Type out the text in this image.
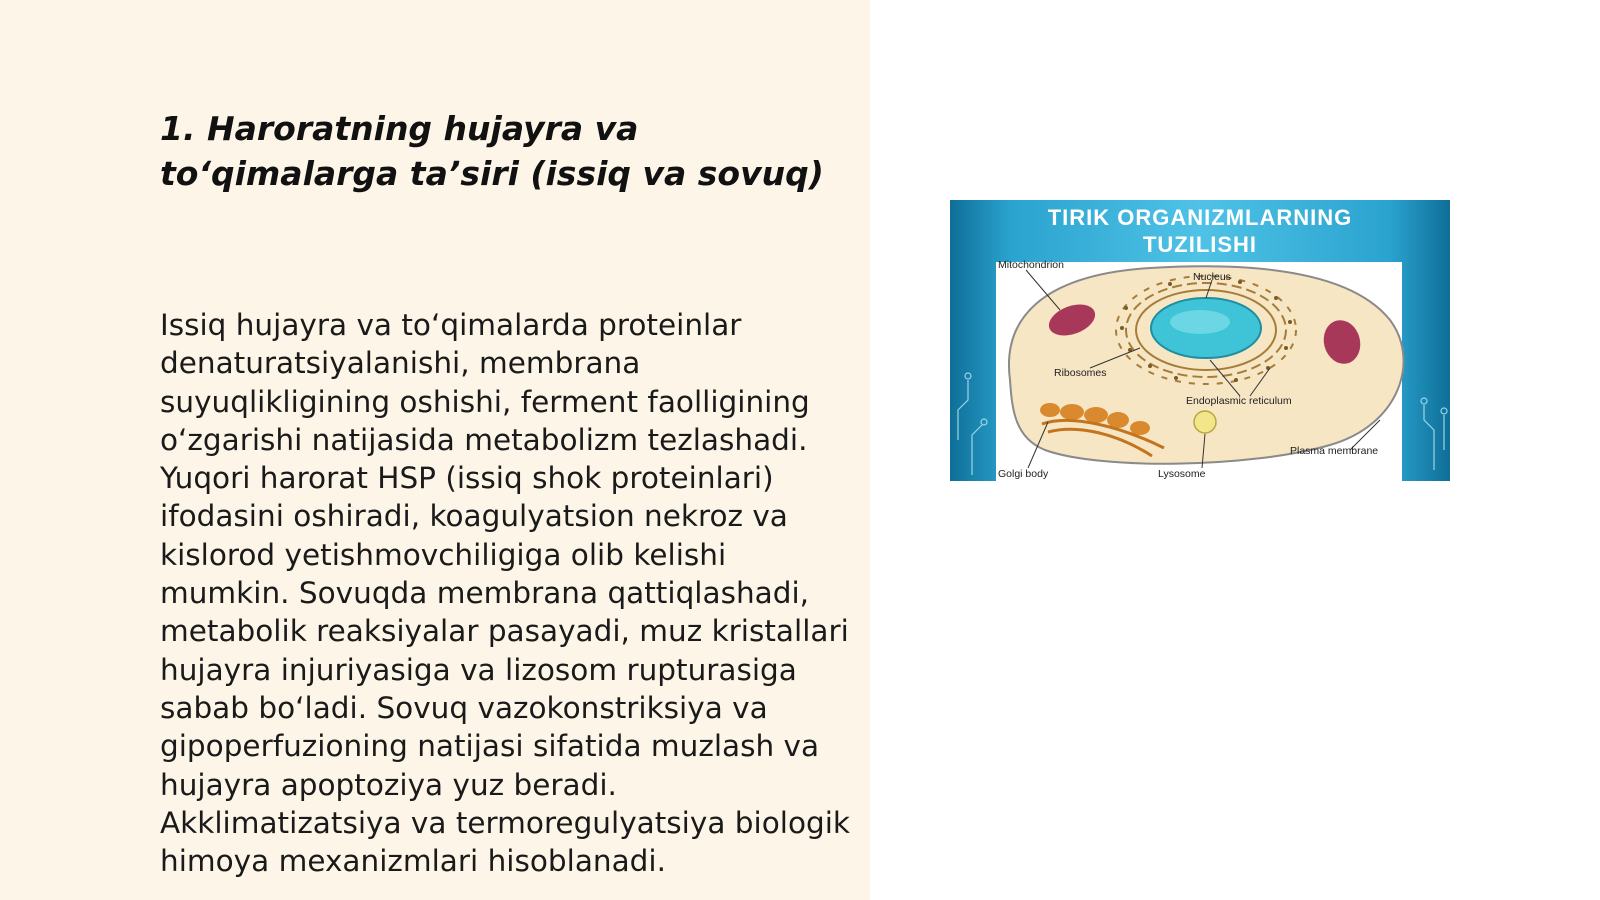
1. Haroratning hujayra va to‘qimalarga ta’siri (issiq va sovuq)

Issiq hujayra va to‘qimalarda proteinlar denaturatsiyalanishi, membrana suyuqlikligining oshishi, ferment faolligining o‘zgarishi natijasida metabolizm tezlashadi. Yuqori harorat HSP (issiq shok proteinlari) ifodasini oshiradi, koagulyatsion nekroz va kislorod yetishmovchiligiga olib kelishi mumkin. Sovuqda membrana qattiqlashadi, metabolik reaksiyalar pasayadi, muz kristallari hujayra injuriyasiga va lizosom rupturasiga sabab bo‘ladi. Sovuq vazokonstriksiya va gipoperfuzioning natijasi sifatida muzlash va hujayra apoptoziya yuz beradi. Akklimatizatsiya va termoregulyatsiya biologik himoya mexanizmlari hisoblanadi.

Mitochondrion
Nucleus
Ribosomes
Endoplasmic reticulum
Plasma membrane
Golgi body	Lysosome

TIRIK ORGANIZMLARNING
TUZILISHI
